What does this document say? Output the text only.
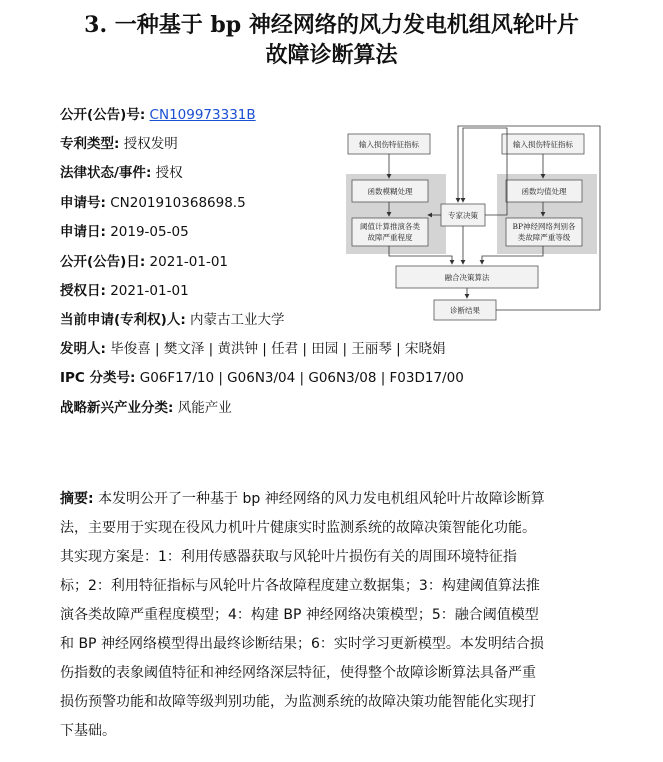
3. 一种基于 bp 神经网络的风力发电机组风轮叶片
故障诊断算法
公开(公告)号: CN109973331B
专利类型: 授权发明
法律状态/事件: 授权
申请号: CN201910368698.5
申请日: 2019-05-05
公开(公告)日: 2021-01-01
授权日: 2021-01-01
当前申请(专利权)人: 内蒙古工业大学
发明人: 毕俊喜 | 樊文泽 | 黄洪钟 | 任君 | 田园 | 王丽琴 | 宋晓娟
IPC 分类号: G06F17/10 | G06N3/04 | G06N3/08 | F03D17/00
战略新兴产业分类: 风能产业
输入损伤特征指标	输入损伤特征指标
函数模糊处理	函数均值处理
阈值计算推演各类
故障严重程度
BP神经网络判别各
类故障严重等级
专家决策
融合决策算法
诊断结果
摘要: 本发明公开了一种基于 bp 神经网络的风力发电机组风轮叶片故障诊断算
法，主要用于实现在役风力机叶片健康实时监测系统的故障决策智能化功能。
其实现方案是：1：利用传感器获取与风轮叶片损伤有关的周围环境特征指
标；2：利用特征指标与风轮叶片各故障程度建立数据集；3：构建阈值算法推
演各类故障严重程度模型；4：构建 BP 神经网络决策模型；5：融合阈值模型
和 BP 神经网络模型得出最终诊断结果；6：实时学习更新模型。本发明结合损
伤指数的表象阈值特征和神经网络深层特征，使得整个故障诊断算法具备严重
损伤预警功能和故障等级判别功能，为监测系统的故障决策功能智能化实现打
下基础。
